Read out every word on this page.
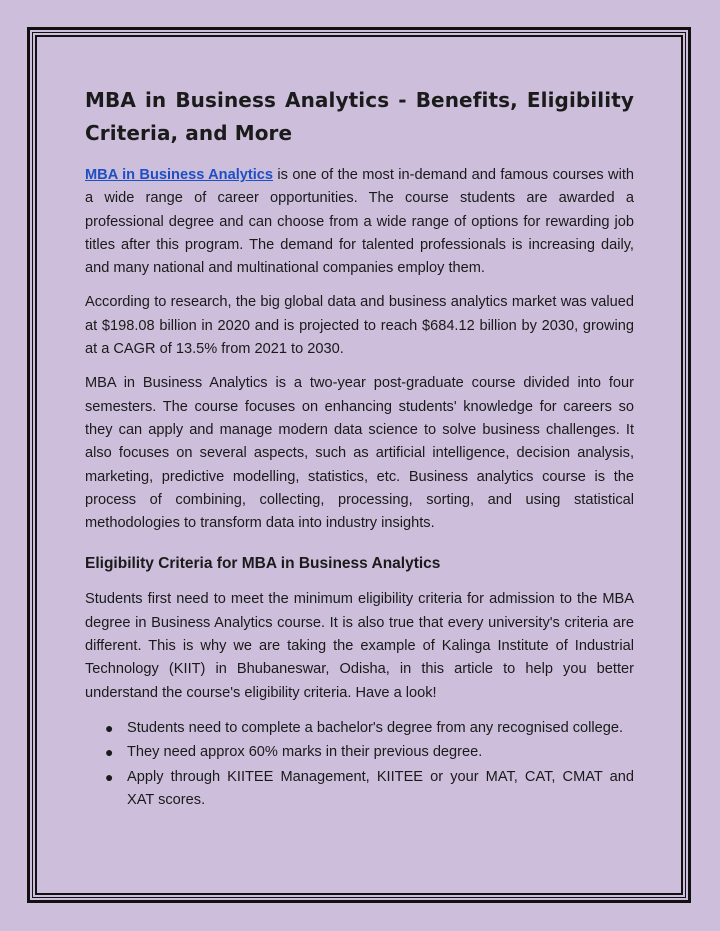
MBA in Business Analytics - Benefits, Eligibility Criteria, and More

MBA in Business Analytics is one of the most in-demand and famous courses with a wide range of career opportunities. The course students are awarded a professional degree and can choose from a wide range of options for rewarding job titles after this program. The demand for talented professionals is increasing daily, and many national and multinational companies employ them.

According to research, the big global data and business analytics market was valued at $198.08 billion in 2020 and is projected to reach $684.12 billion by 2030, growing at a CAGR of 13.5% from 2021 to 2030.

MBA in Business Analytics is a two-year post-graduate course divided into four semesters. The course focuses on enhancing students' knowledge for careers so they can apply and manage modern data science to solve business challenges. It also focuses on several aspects, such as artificial intelligence, decision analysis, marketing, predictive modelling, statistics, etc. Business analytics course is the process of combining, collecting, processing, sorting, and using statistical methodologies to transform data into industry insights.

Eligibility Criteria for MBA in Business Analytics

Students first need to meet the minimum eligibility criteria for admission to the MBA degree in Business Analytics course. It is also true that every university's criteria are different. This is why we are taking the example of Kalinga Institute of Industrial Technology (KIIT) in Bhubaneswar, Odisha, in this article to help you better understand the course's eligibility criteria. Have a look!

● Students need to complete a bachelor's degree from any recognised college.
● They need approx 60% marks in their previous degree.
● Apply through KIITEE Management, KIITEE or your MAT, CAT, CMAT and XAT scores.
